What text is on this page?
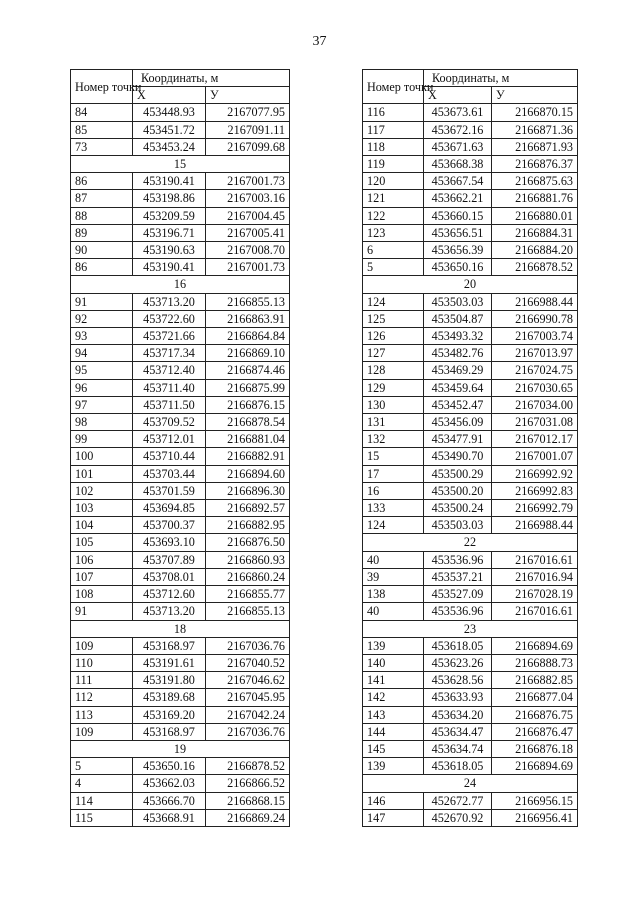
37
Номер точки	Координаты, м	
	X	У
84	453448.93	2167077.95
85	453451.72	2167091.11
73	453453.24	2167099.68
15		
86	453190.41	2167001.73
87	453198.86	2167003.16
88	453209.59	2167004.45
89	453196.71	2167005.41
90	453190.63	2167008.70
86	453190.41	2167001.73
16		
91	453713.20	2166855.13
92	453722.60	2166863.91
93	453721.66	2166864.84
94	453717.34	2166869.10
95	453712.40	2166874.46
96	453711.40	2166875.99
97	453711.50	2166876.15
98	453709.52	2166878.54
99	453712.01	2166881.04
100	453710.44	2166882.91
101	453703.44	2166894.60
102	453701.59	2166896.30
103	453694.85	2166892.57
104	453700.37	2166882.95
105	453693.10	2166876.50
106	453707.89	2166860.93
107	453708.01	2166860.24
108	453712.60	2166855.77
91	453713.20	2166855.13
18		
109	453168.97	2167036.76
110	453191.61	2167040.52
111	453191.80	2167046.62
112	453189.68	2167045.95
113	453169.20	2167042.24
109	453168.97	2167036.76
19		
5	453650.16	2166878.52
4	453662.03	2166866.52
114	453666.70	2166868.15
115	453668.91	2166869.24
Номер точки	Координаты, м	
	X	У
116	453673.61	2166870.15
117	453672.16	2166871.36
118	453671.63	2166871.93
119	453668.38	2166876.37
120	453667.54	2166875.63
121	453662.21	2166881.76
122	453660.15	2166880.01
123	453656.51	2166884.31
6	453656.39	2166884.20
5	453650.16	2166878.52
20		
124	453503.03	2166988.44
125	453504.87	2166990.78
126	453493.32	2167003.74
127	453482.76	2167013.97
128	453469.29	2167024.75
129	453459.64	2167030.65
130	453452.47	2167034.00
131	453456.09	2167031.08
132	453477.91	2167012.17
15	453490.70	2167001.07
17	453500.29	2166992.92
16	453500.20	2166992.83
133	453500.24	2166992.79
124	453503.03	2166988.44
22		
40	453536.96	2167016.61
39	453537.21	2167016.94
138	453527.09	2167028.19
40	453536.96	2167016.61
23		
139	453618.05	2166894.69
140	453623.26	2166888.73
141	453628.56	2166882.85
142	453633.93	2166877.04
143	453634.20	2166876.75
144	453634.47	2166876.47
145	453634.74	2166876.18
139	453618.05	2166894.69
24		
146	452672.77	2166956.15
147	452670.92	2166956.41
